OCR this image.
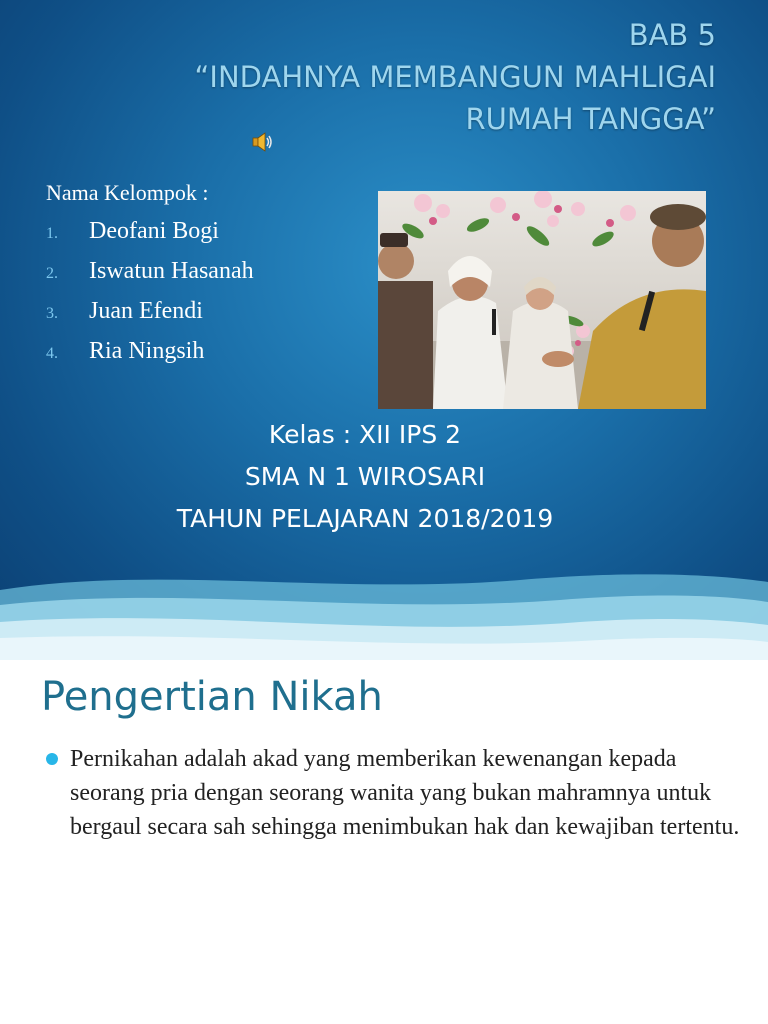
BAB 5
“INDAHNYA MEMBANGUN MAHLIGAI
RUMAH TANGGA”
Nama Kelompok :
1.	Deofani Bogi
2.	Iswatun Hasanah
3.	Juan Efendi
4.	Ria Ningsih
Kelas : XII IPS 2
SMA N 1 WIROSARI
TAHUN PELAJARAN 2018/2019
Pengertian Nikah
Pernikahan adalah akad yang memberikan kewenangan kepada seorang pria dengan seorang wanita yang bukan mahramnya untuk bergaul secara sah sehingga menimbukan hak dan kewajiban tertentu.
